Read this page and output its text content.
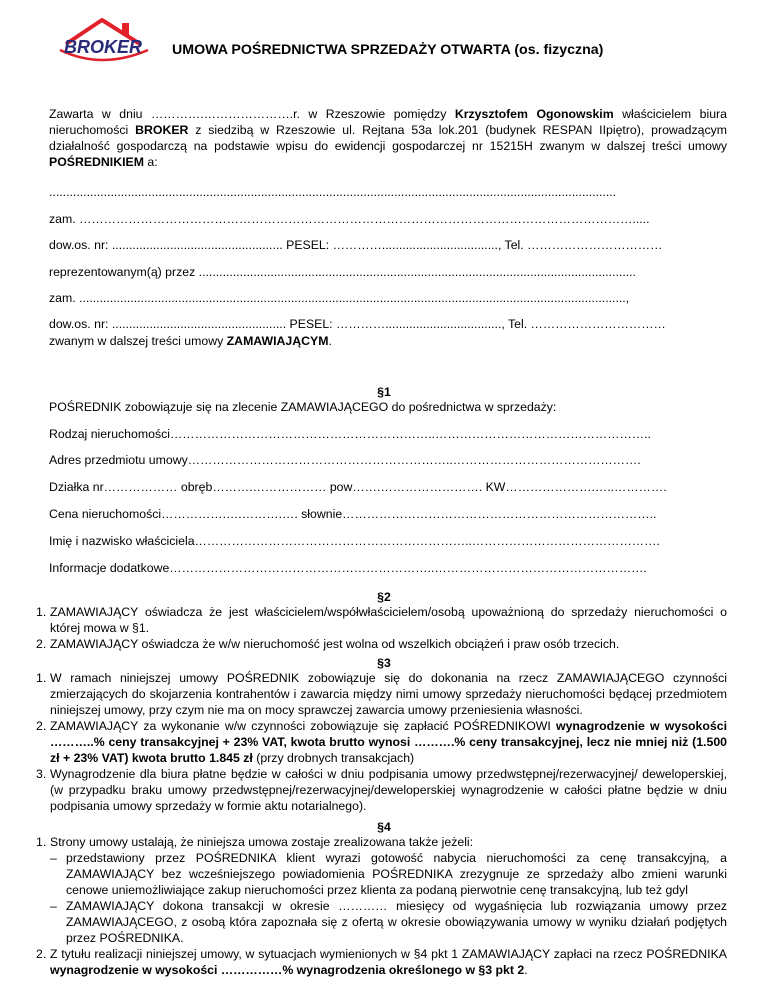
BROKER UMOWA POŚREDNICTWA SPRZEDAŻY OTWARTA (os. fizyczna)
Zawarta w dniu ………….………………….r. w Rzeszowie pomiędzy Krzysztofem Ogonowskim właścicielem biura nieruchomości BROKER z siedzibą w Rzeszowie ul. Rejtana 53a lok.201 (budynek RESPAN IIpiętro), prowadzącym działalność gospodarczą na podstawie wpisu do ewidencji gospodarczej nr 15215H zwanym w dalszej treści umowy POŚREDNIKIEM a:
......................................................................................................................................................................
zam. ……………………………………………………………………………………………………………………….....
dow.os. nr: .................................................. PESEL: ………….................................., Tel. ……………………………
reprezentowanym(ą) przez ................................................................................................................................
zam. ................................................................................................................................................................,
dow.os. nr: ................................................... PESEL: ………….................................., Tel. ……………………………
zwanym w dalszej treści umowy ZAMAWIAJĄCYM.
§1
POŚREDNIK zobowiązuje się na zlecenie ZAMAWIAJĄCEGO do pośrednictwa w sprzedaży:
Rodzaj nieruchomości………………………………………………………..……………………………………………..
Adres przedmiotu umowy………………………………………………………..……………………………………….
Działka nr……………… obręb……….……………… pow…….……………………. KW………………….…..………….
Cena nieruchomości…………….….……….…. słownie…………………………………………………………………..
Imię i nazwisko właściciela…………………………………………………………..……………………………………….
Informacje dodatkowe………………………………………………………..…………………………………………….
§2
1. ZAMAWIAJĄCY oświadcza że jest właścicielem/współwłaścicielem/osobą upoważnioną do sprzedaży nieruchomości o której mowa w §1.
2. ZAMAWIAJĄCY oświadcza że w/w nieruchomość jest wolna od wszelkich obciążeń i praw osób trzecich.
§3
1. W ramach niniejszej umowy POŚREDNIK zobowiązuje się do dokonania na rzecz ZAMAWIAJĄCEGO czynności zmierzających do skojarzenia kontrahentów i zawarcia między nimi umowy sprzedaży nieruchomości będącej przedmiotem niniejszej umowy, przy czym nie ma on mocy sprawczej zawarcia umowy przeniesienia własności.
2. ZAMAWIAJĄCY za wykonanie w/w czynności zobowiązuje się zapłacić POŚREDNIKOWI wynagrodzenie w wysokości ………..% ceny transakcyjnej + 23% VAT, kwota brutto wynosi ……….% ceny transakcyjnej, lecz nie mniej niż (1.500 zł + 23% VAT) kwota brutto 1.845 zł (przy drobnych transakcjach)
3. Wynagrodzenie dla biura płatne będzie w całości w dniu podpisania umowy przedwstępnej/rezerwacyjnej/ deweloperskiej, (w przypadku braku umowy przedwstępnej/rezerwacyjnej/deweloperskiej wynagrodzenie w całości płatne będzie w dniu podpisania umowy sprzedaży w formie aktu notarialnego).
§4
1. Strony umowy ustalają, że niniejsza umowa zostaje zrealizowana także jeżeli:
– przedstawiony przez POŚREDNIKA klient wyrazi gotowość nabycia nieruchomości za cenę transakcyjną, a ZAMAWIAJĄCY bez wcześniejszego powiadomienia POŚREDNIKA zrezygnuje ze sprzedaży albo zmieni warunki cenowe uniemożliwiające zakup nieruchomości przez klienta za podaną pierwotnie cenę transakcyjną, lub też gdyl
– ZAMAWIAJĄCY dokona transakcji w okresie ………… miesięcy od wygaśnięcia lub rozwiązania umowy przez ZAMAWIAJĄCEGO, z osobą która zapoznała się z ofertą w okresie obowiązywania umowy w wyniku działań podjętych przez POŚREDNIKA.
2. Z tytułu realizacji niniejszej umowy, w sytuacjach wymienionych w §4 pkt 1 ZAMAWIAJĄCY zapłaci na rzecz POŚREDNIKA wynagrodzenie w wysokości ……………% wynagrodzenia określonego w §3 pkt 2.
